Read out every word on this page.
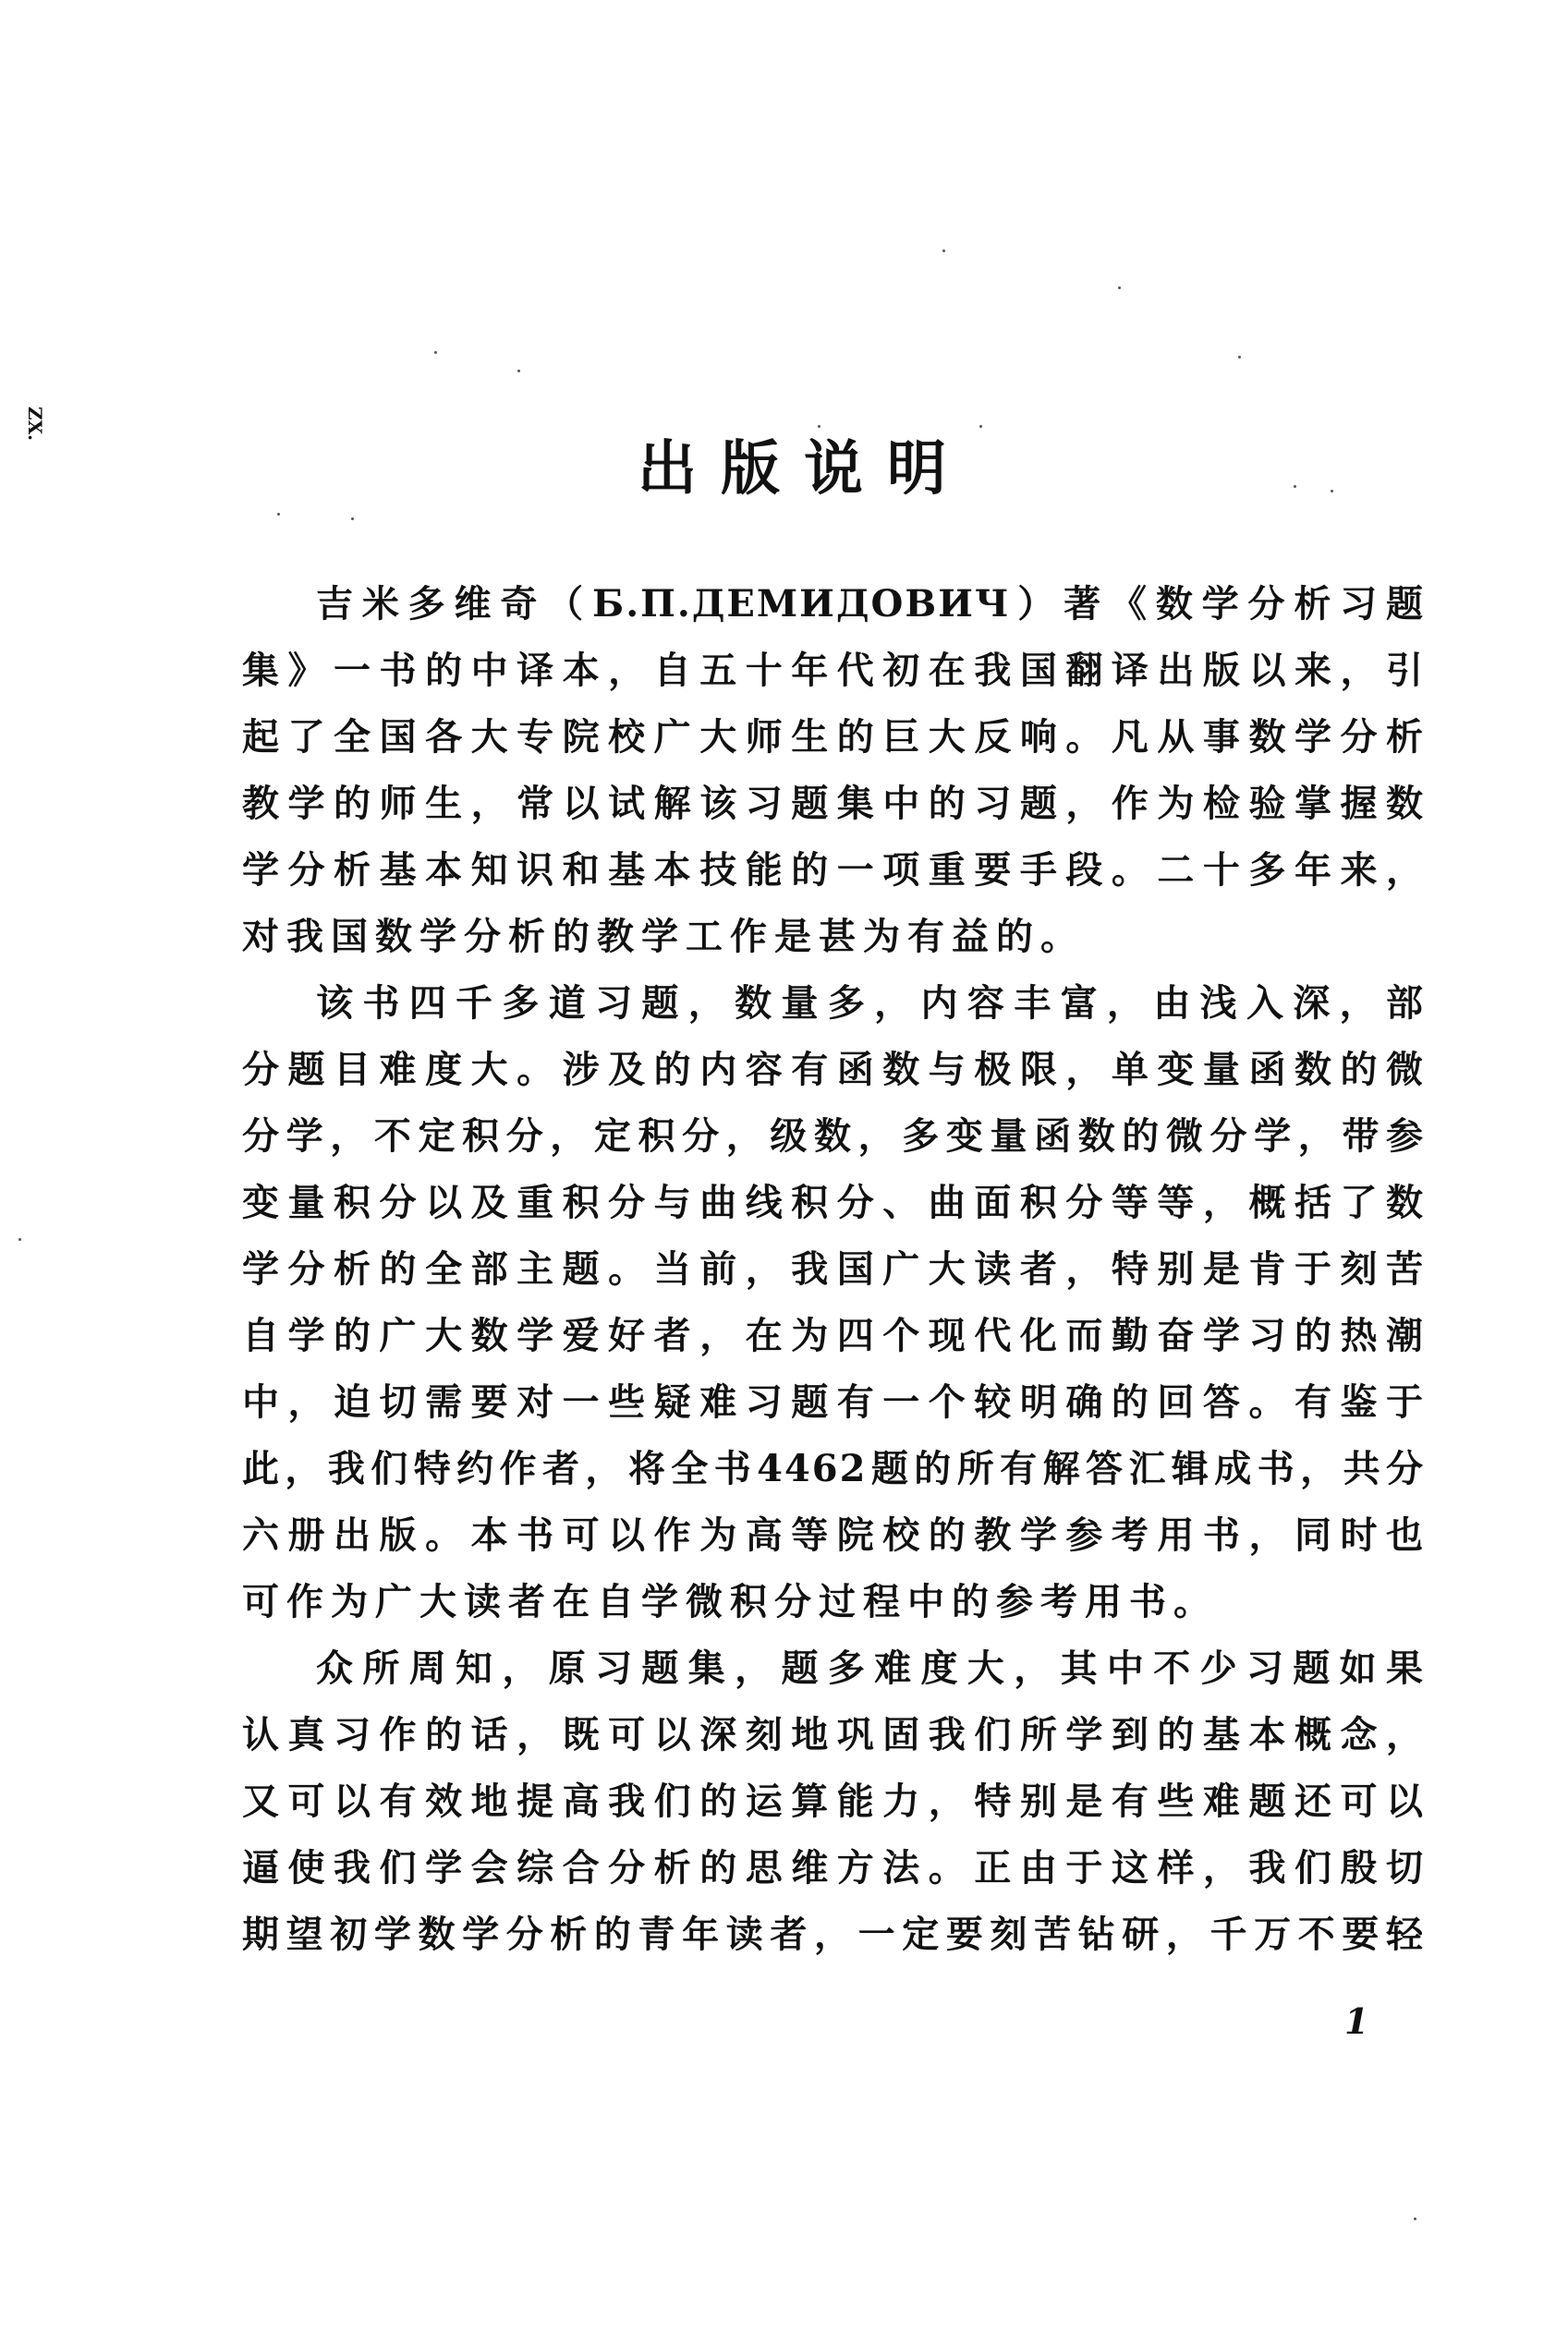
ZX.
出版说明
吉米多维奇（Б.П.ДЕМИДОВИЧ）著《数学分析习题
集》一书的中译本，自五十年代初在我国翻译出版以来，引
起了全国各大专院校广大师生的巨大反响。凡从事数学分析
教学的师生，常以试解该习题集中的习题，作为检验掌握数
学分析基本知识和基本技能的一项重要手段。二十多年来，
对我国数学分析的教学工作是甚为有益的。
该书四千多道习题，数量多，内容丰富，由浅入深，部
分题目难度大。涉及的内容有函数与极限，单变量函数的微
分学，不定积分，定积分，级数，多变量函数的微分学，带参
变量积分以及重积分与曲线积分、曲面积分等等，概括了数
学分析的全部主题。当前，我国广大读者，特别是肯于刻苦
自学的广大数学爱好者，在为四个现代化而勤奋学习的热潮
中，迫切需要对一些疑难习题有一个较明确的回答。有鉴于
此，我们特约作者，将全书4462题的所有解答汇辑成书，共分
六册出版。本书可以作为高等院校的教学参考用书，同时也
可作为广大读者在自学微积分过程中的参考用书。
众所周知，原习题集，题多难度大，其中不少习题如果
认真习作的话，既可以深刻地巩固我们所学到的基本概念，
又可以有效地提高我们的运算能力，特别是有些难题还可以
逼使我们学会综合分析的思维方法。正由于这样，我们殷切
期望初学数学分析的青年读者，一定要刻苦钻研，千万不要轻
1
